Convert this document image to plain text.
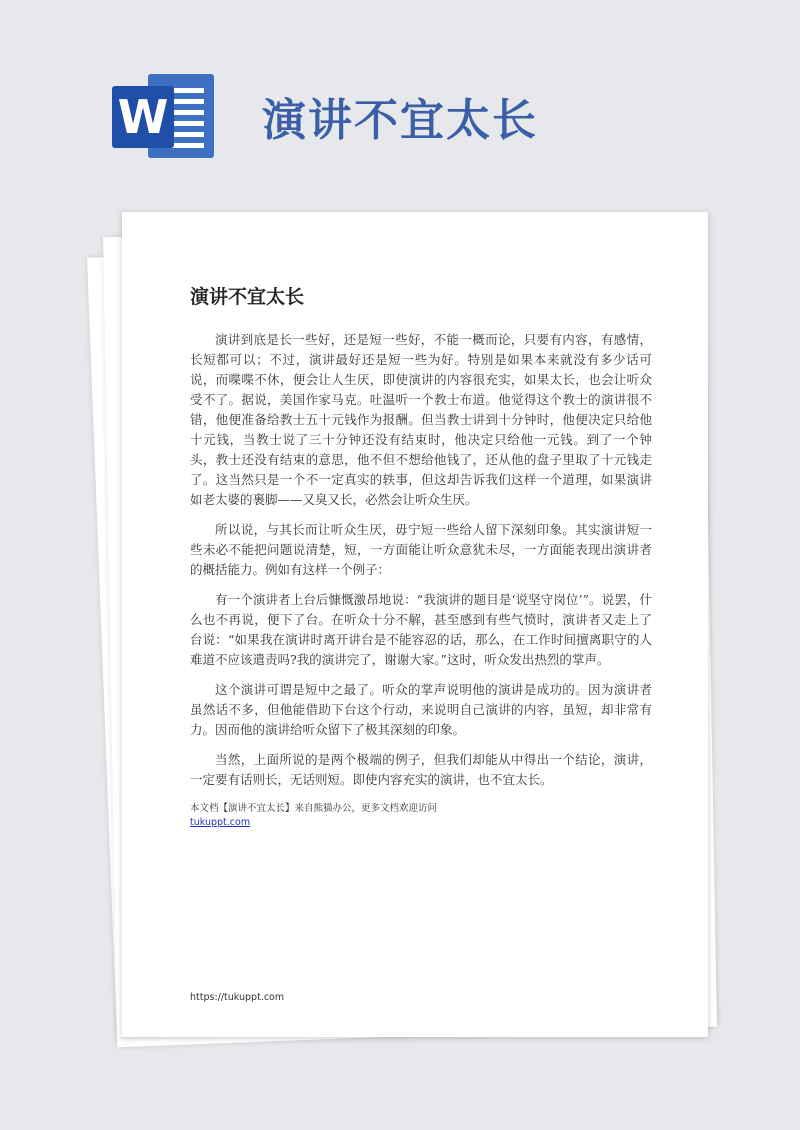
W 演讲不宜太长
演讲不宜太长

演讲到底是长一些好，还是短一些好，不能一概而论，只要有内容，有感情，长短都可以；不过，演讲最好还是短一些为好。特别是如果本来就没有多少话可说，而喋喋不休，便会让人生厌，即使演讲的内容很充实，如果太长，也会让听众受不了。据说，美国作家马克。吐温听一个教士布道。他觉得这个教士的演讲很不错，他便准备给教士五十元钱作为报酬。但当教士讲到十分钟时，他便决定只给他十元钱，当教士说了三十分钟还没有结束时，他决定只给他一元钱。到了一个钟头，教士还没有结束的意思，他不但不想给他钱了，还从他的盘子里取了十元钱走了。这当然只是一个不一定真实的轶事，但这却告诉我们这样一个道理，如果演讲如老太婆的裹脚——又臭又长，必然会让听众生厌。

所以说，与其长而让听众生厌，毋宁短一些给人留下深刻印象。其实演讲短一些未必不能把问题说清楚，短，一方面能让听众意犹未尽，一方面能表现出演讲者的概括能力。例如有这样一个例子：

有一个演讲者上台后慷慨激昂地说：“我演讲的题目是‘说坚守岗位’”。说罢，什么也不再说，便下了台。在听众十分不解，甚至感到有些气愤时，演讲者又走上了台说：“如果我在演讲时离开讲台是不能容忍的话，那么，在工作时间擅离职守的人难道不应该遣责吗?我的演讲完了，谢谢大家。”这时，听众发出热烈的掌声。

这个演讲可谓是短中之最了。听众的掌声说明他的演讲是成功的。因为演讲者虽然话不多，但他能借助下台这个行动，来说明自己演讲的内容，虽短，却非常有力。因而他的演讲给听众留下了极其深刻的印象。

当然，上面所说的是两个极端的例子，但我们却能从中得出一个结论，演讲，一定要有话则长，无话则短。即使内容充实的演讲，也不宜太长。

本文档【演讲不宜太长】来自熊猫办公，更多文档欢迎访问
tukuppt.com
https://tukuppt.com
